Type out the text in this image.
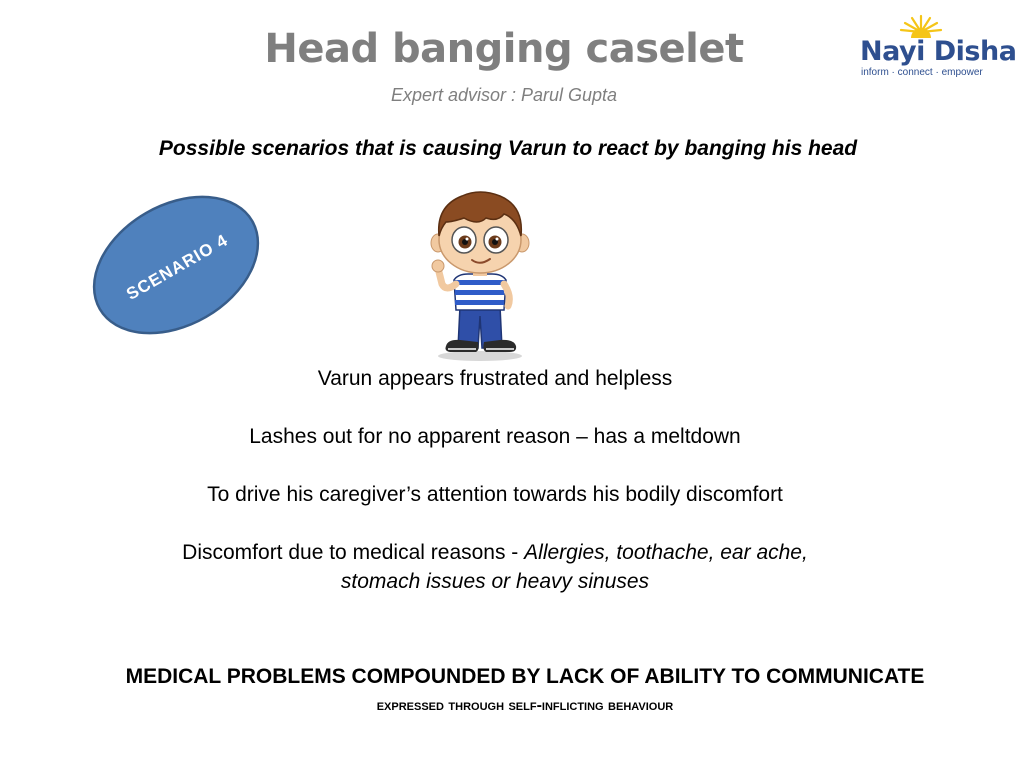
Head banging caselet
Expert advisor : Parul Gupta
Nayi Disha
inform · connect · empower
Possible scenarios that is causing Varun to react by banging his head
SCENARIO 4
Varun appears frustrated and helpless
Lashes out for no apparent reason – has a meltdown
To drive his caregiver’s attention towards his bodily discomfort
Discomfort due to medical reasons - Allergies, toothache, ear ache,
stomach issues or heavy sinuses
MEDICAL PROBLEMS COMPOUNDED BY LACK OF ABILITY TO COMMUNICATE
expressed through self-inflicting behaviour
